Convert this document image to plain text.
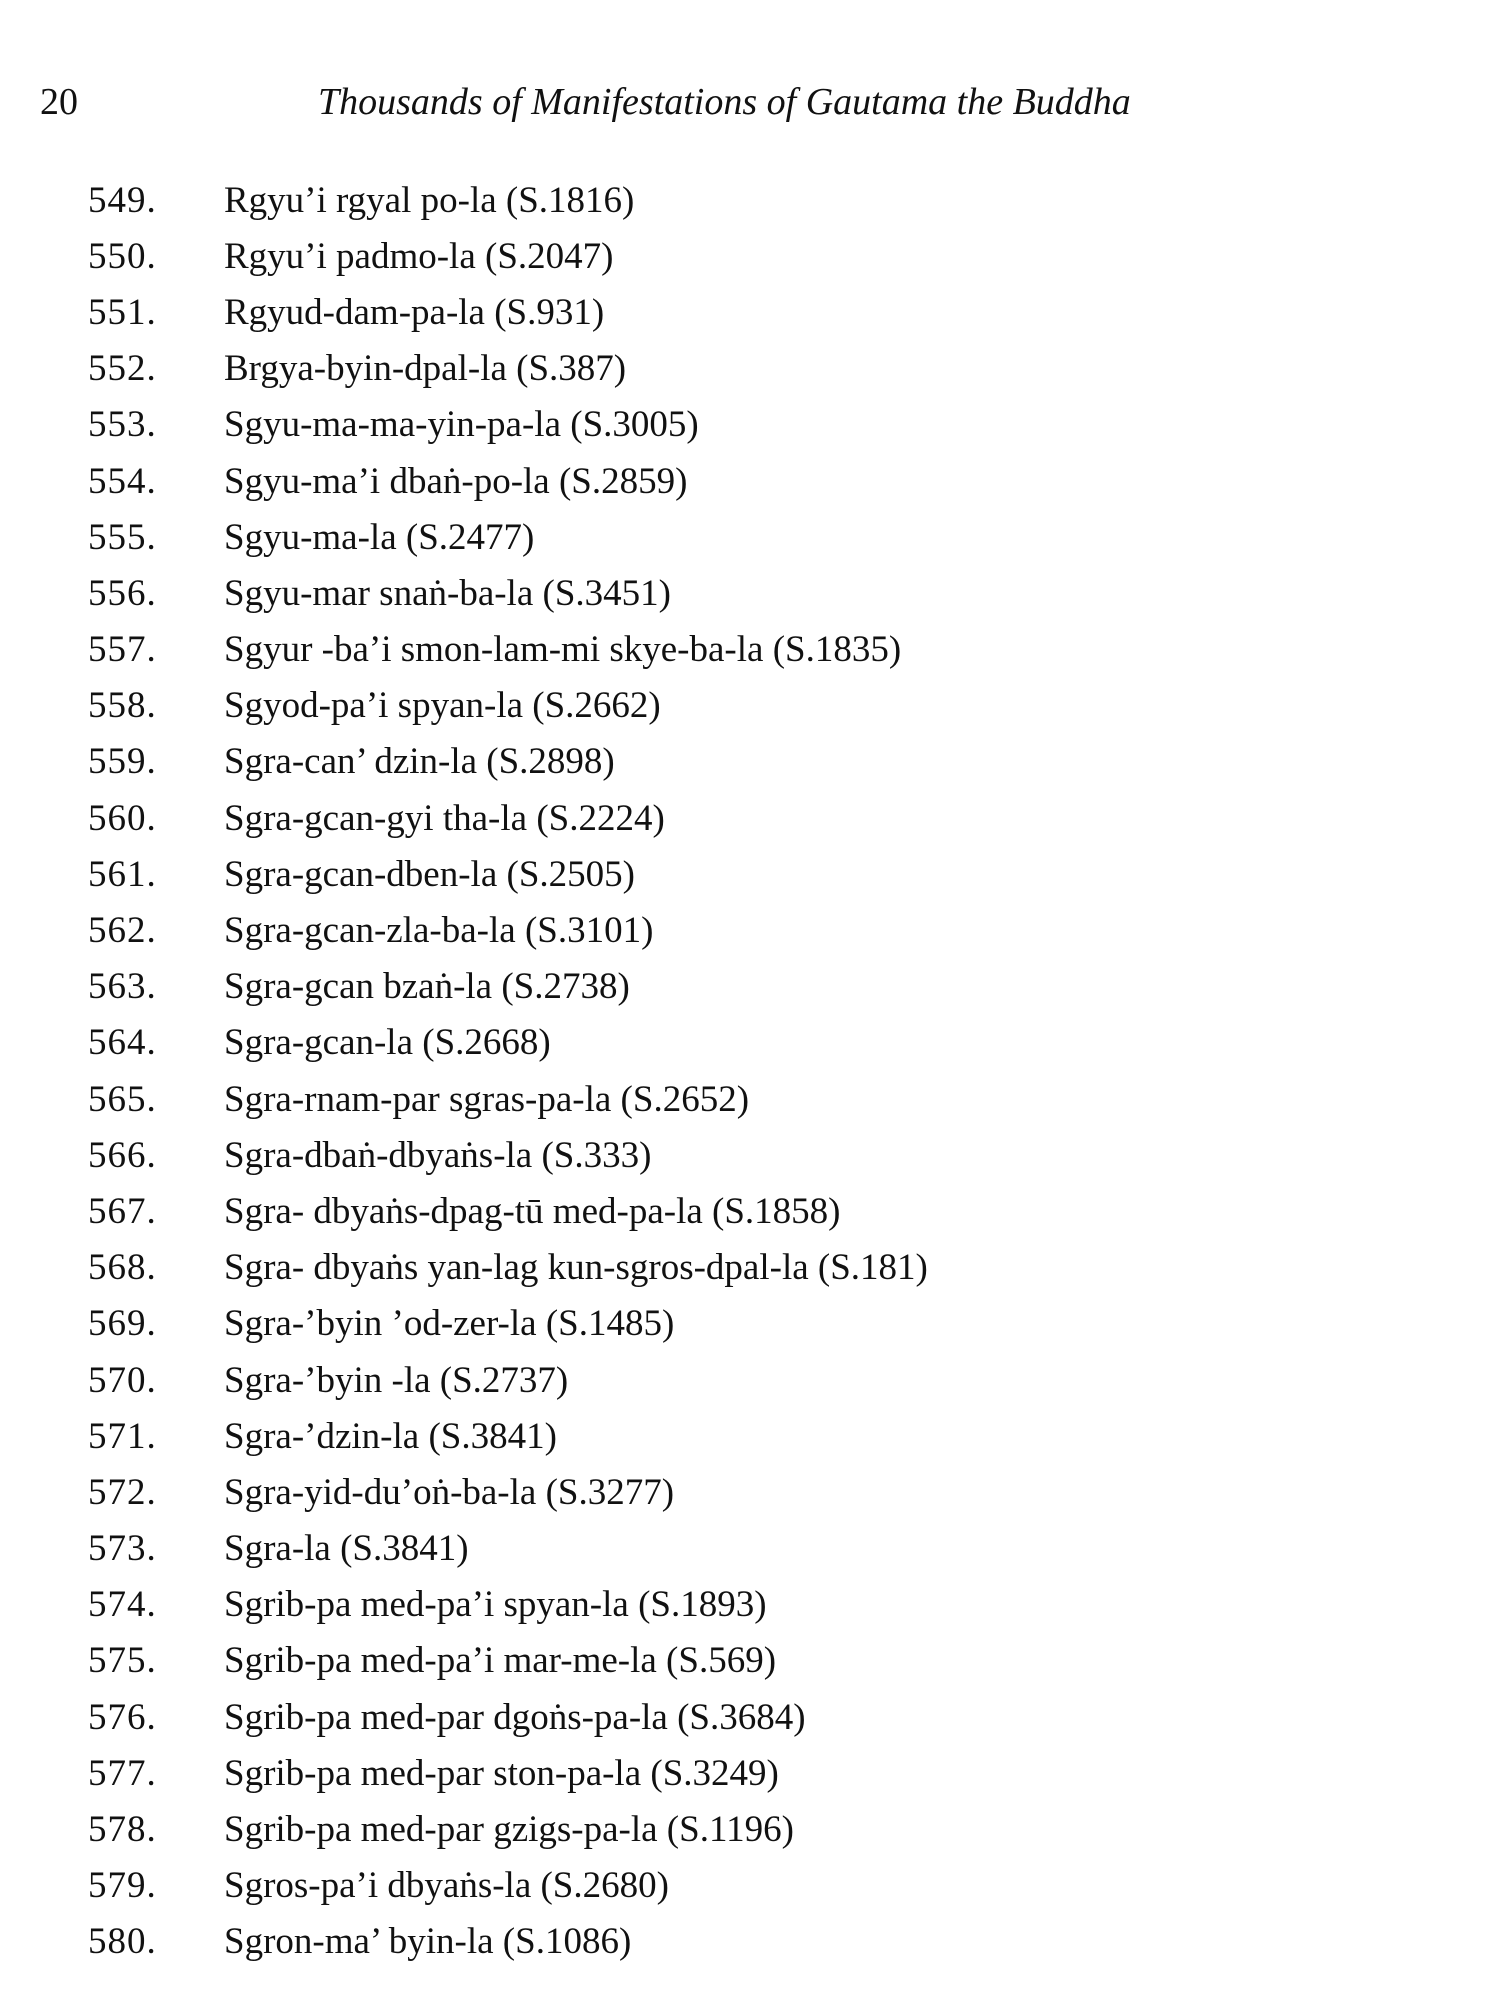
20	Thousands of Manifestations of Gautama the Buddha
549.	Rgyu’i rgyal po-la (S.1816)
550.	Rgyu’i padmo-la (S.2047)
551.	Rgyud-dam-pa-la (S.931)
552.	Brgya-byin-dpal-la (S.387)
553.	Sgyu-ma-ma-yin-pa-la (S.3005)
554.	Sgyu-ma’i dbaṅ-po-la (S.2859)
555.	Sgyu-ma-la (S.2477)
556.	Sgyu-mar snaṅ-ba-la (S.3451)
557.	Sgyur -ba’i smon-lam-mi skye-ba-la (S.1835)
558.	Sgyod-pa’i spyan-la (S.2662)
559.	Sgra-can’ dzin-la (S.2898)
560.	Sgra-gcan-gyi tha-la (S.2224)
561.	Sgra-gcan-dben-la (S.2505)
562.	Sgra-gcan-zla-ba-la (S.3101)
563.	Sgra-gcan bzaṅ-la (S.2738)
564.	Sgra-gcan-la (S.2668)
565.	Sgra-rnam-par sgras-pa-la (S.2652)
566.	Sgra-dbaṅ-dbyaṅs-la (S.333)
567.	Sgra- dbyaṅs-dpag-tū med-pa-la (S.1858)
568.	Sgra- dbyaṅs yan-lag kun-sgros-dpal-la (S.181)
569.	Sgra-’byin ’od-zer-la (S.1485)
570.	Sgra-’byin -la (S.2737)
571.	Sgra-’dzin-la (S.3841)
572.	Sgra-yid-du’oṅ-ba-la (S.3277)
573.	Sgra-la (S.3841)
574.	Sgrib-pa med-pa’i spyan-la (S.1893)
575.	Sgrib-pa med-pa’i mar-me-la (S.569)
576.	Sgrib-pa med-par dgoṅs-pa-la (S.3684)
577.	Sgrib-pa med-par ston-pa-la (S.3249)
578.	Sgrib-pa med-par gzigs-pa-la (S.1196)
579.	Sgros-pa’i dbyaṅs-la (S.2680)
580.	Sgron-ma’ byin-la (S.1086)
